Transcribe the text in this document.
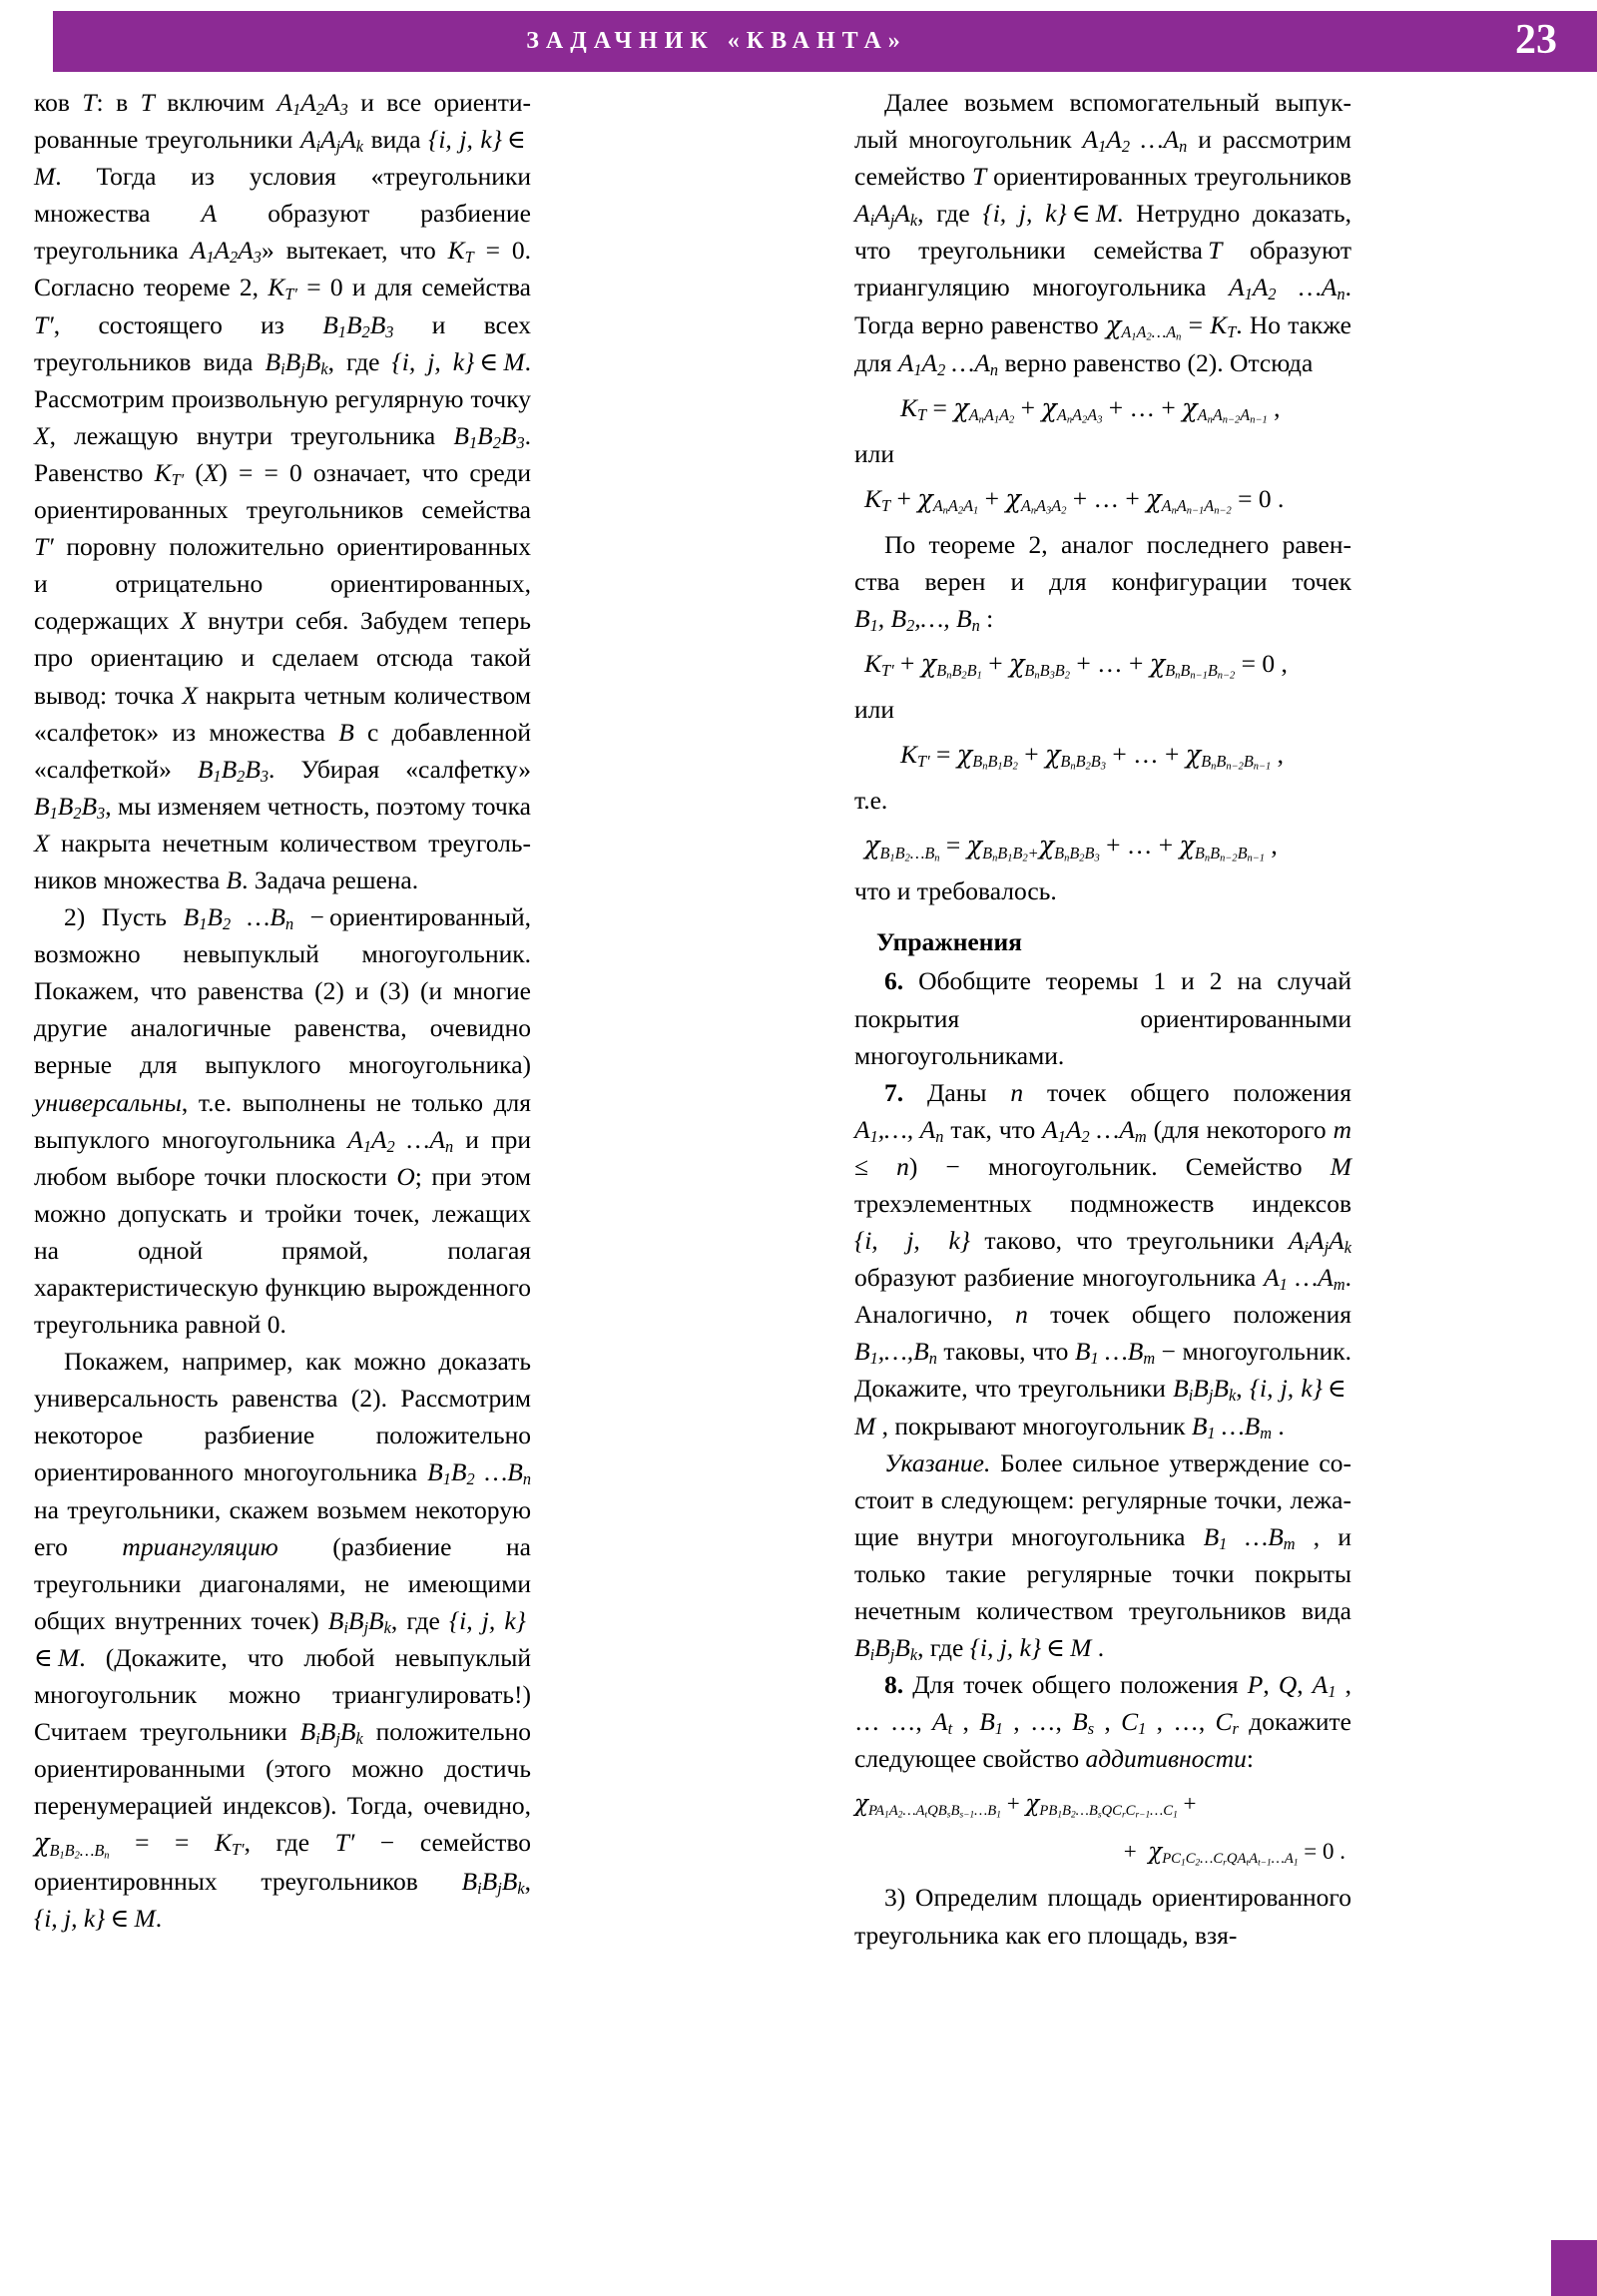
ЗАДАЧНИК «КВАНТА»	23

ков T: в T включим $A_1A_2A_3$ и все ориентированные треугольники $A_iA_jA_k$ вида {i, j, k} ∈ M. Тогда из условия «треугольники множества A образуют разбиение треугольника $A_1A_2A_3$» вытекает, что $K_T = 0$. Согласно теореме 2, $K_{T'} = 0$ и для семейства T′, состоящего из $B_1B_2B_3$ и всех треугольников вида $B_iB_jB_k$, где {i, j, k} ∈ M. Рассмотрим произвольную регулярную точку X, лежащую внутри треугольника $B_1B_2B_3$. Равенство $K_{T'}$ (X) = = 0 означает, что среди ориентированных треугольников семейства T′ поровну положительно ориентированных и отрицательно ориентированных, содержащих X внутри себя. Забудем теперь про ориентацию и сделаем отсюда такой вывод: точка X накрыта четным количеством «салфеток» из множества B с добавленной «салфеткой» $B_1B_2B_3$. Убирая «салфетку» $B_1B_2B_3$, мы изменяем четность, поэтому точка X накрыта нечетным количеством треугольников множества B. Задача решена.

2) Пусть $B_1B_2$ $\dots B_n$ − ориентированный, возможно невыпуклый многоугольник. Покажем, что равенства (2) и (3) (и многие другие аналогичные равенства, очевидно верные для выпуклого многоугольника) универсальны, т.е. выполнены не только для выпуклого многоугольника $A_1A_2$ $\dots A_n$ и при любом выборе точки плоскости O; при этом можно допускать и тройки точек, лежащих на одной прямой, полагая характеристическую функцию вырожденного треугольника равной 0.

Покажем, например, как можно доказать универсальность равенства (2). Рассмотрим некоторое разбиение положительно ориентированного многоугольника $B_1B_2$ $\dots B_n$ на треугольники, скажем возьмем некоторую его триангуляцию (разбиение на треугольники диагоналями, не имеющими общих внутренних точек) $B_iB_jB_k$, где {i, j, k} ∈ M. (Докажите, что любой невыпуклый многоугольник можно триангулировать!) Считаем треугольники $B_iB_jB_k$ положительно ориентированными (этого можно достичь перенумерацией индексов). Тогда, очевидно, $\chi_{B_1B_2\dots B_n}$ = = $K_{T'}$, где T′ − семейство ориентировнных треугольников $B_iB_jB_k$, {i, j, k} ∈ M.

Далее возьмем вспомогательный выпуклый многоугольник $A_1A_2$ $\dots A_n$ и рассмотрим семейство T ориентированных треугольников $A_iA_jA_k$, где {i, j, k} ∈ M. Нетрудно доказать, что треугольники семейства T образуют триангуляцию многоугольника $A_1A_2$ $\dots A_n$. Тогда верно равенство $\chi_{A_1A_2\dots A_n} = K_T$. Но также для $A_1A_2$ $\dots A_n$ верно равенство (2). Отсюда

$K_T = \chi_{A_nA_1A_2} + \chi_{A_nA_2A_3}$ + … + $\chi_{A_nA_{n-2}A_{n-1}}$ ,

или

$K_T + \chi_{A_nA_2A_1} + \chi_{A_nA_3A_2}$ + … + $\chi_{A_nA_{n-1}A_{n-2}} = 0$ .

По теореме 2, аналог последнего равенства верен и для конфигурации точек $B_1$, $B_2,\dots$, $B_n$ :

$K_{T'} + \chi_{B_nB_2B_1} + \chi_{B_nB_3B_2}$ + … + $\chi_{B_nB_{n-1}B_{n-2}} = 0$ ,

или

$K_{T'} = \chi_{B_nB_1B_2} + \chi_{B_nB_2B_3}$ + … + $\chi_{B_nB_{n-2}B_{n-1}}$ ,

т.е.

$\chi_{B_1B_2\dots B_n} = \chi_{B_nB_1B_2+}\chi_{B_nB_2B_3}$ + … + $\chi_{B_nB_{n-2}B_{n-1}}$ ,

что и требовалось.

Упражнения

6. Обобщите теоремы 1 и 2 на случай покрытия ориентированными многоугольниками.

7. Даны n точек общего положения $A_1,\dots$, $A_n$ так, что $A_1A_2$ $\dots A_m$ (для некоторого m ≤ n) − многоугольник. Семейство M трехэлементных подмножеств индексов {i,  j,  k} таково, что треугольники $A_iA_jA_k$ образуют разбиение многоугольника $A_1$ $\dots A_m$. Аналогично, n точек общего положения $B_1,\dots,B_n$ таковы, что $B_1$ $\dots B_m$ − многоугольник. Докажите, что треугольники $B_iB_jB_k$, {i, j, k} ∈ M , покрывают многоугольник $B_1$ $\dots B_m$ .

Указание. Более сильное утверждение состоит в следующем: регулярные точки, лежащие внутри многоугольника $B_1$ $\dots B_m$ , и только такие регулярные точки покрыты нечетным количеством треугольников вида $B_iB_jB_k$, где {i, j, k} ∈ M .

8. Для точек общего положения P, Q, $A_1$ , … …, $A_t$ , $B_1$ , …, $B_s$ , $C_1$ , …, $C_r$ докажите следующее свойство аддитивности:

$\chi_{PA_1A_2\dots A_tQB_sB_{s-1}\dots B_1} + \chi_{PB_1B_2\dots B_sQC_rC_{r-1}\dots C_1}$ +
+  $\chi_{PC_1C_2\dots C_rQA_tA_{t-1}\dots A_1} = 0$ .

3) Определим площадь ориентированного треугольника как его площадь, взя-
